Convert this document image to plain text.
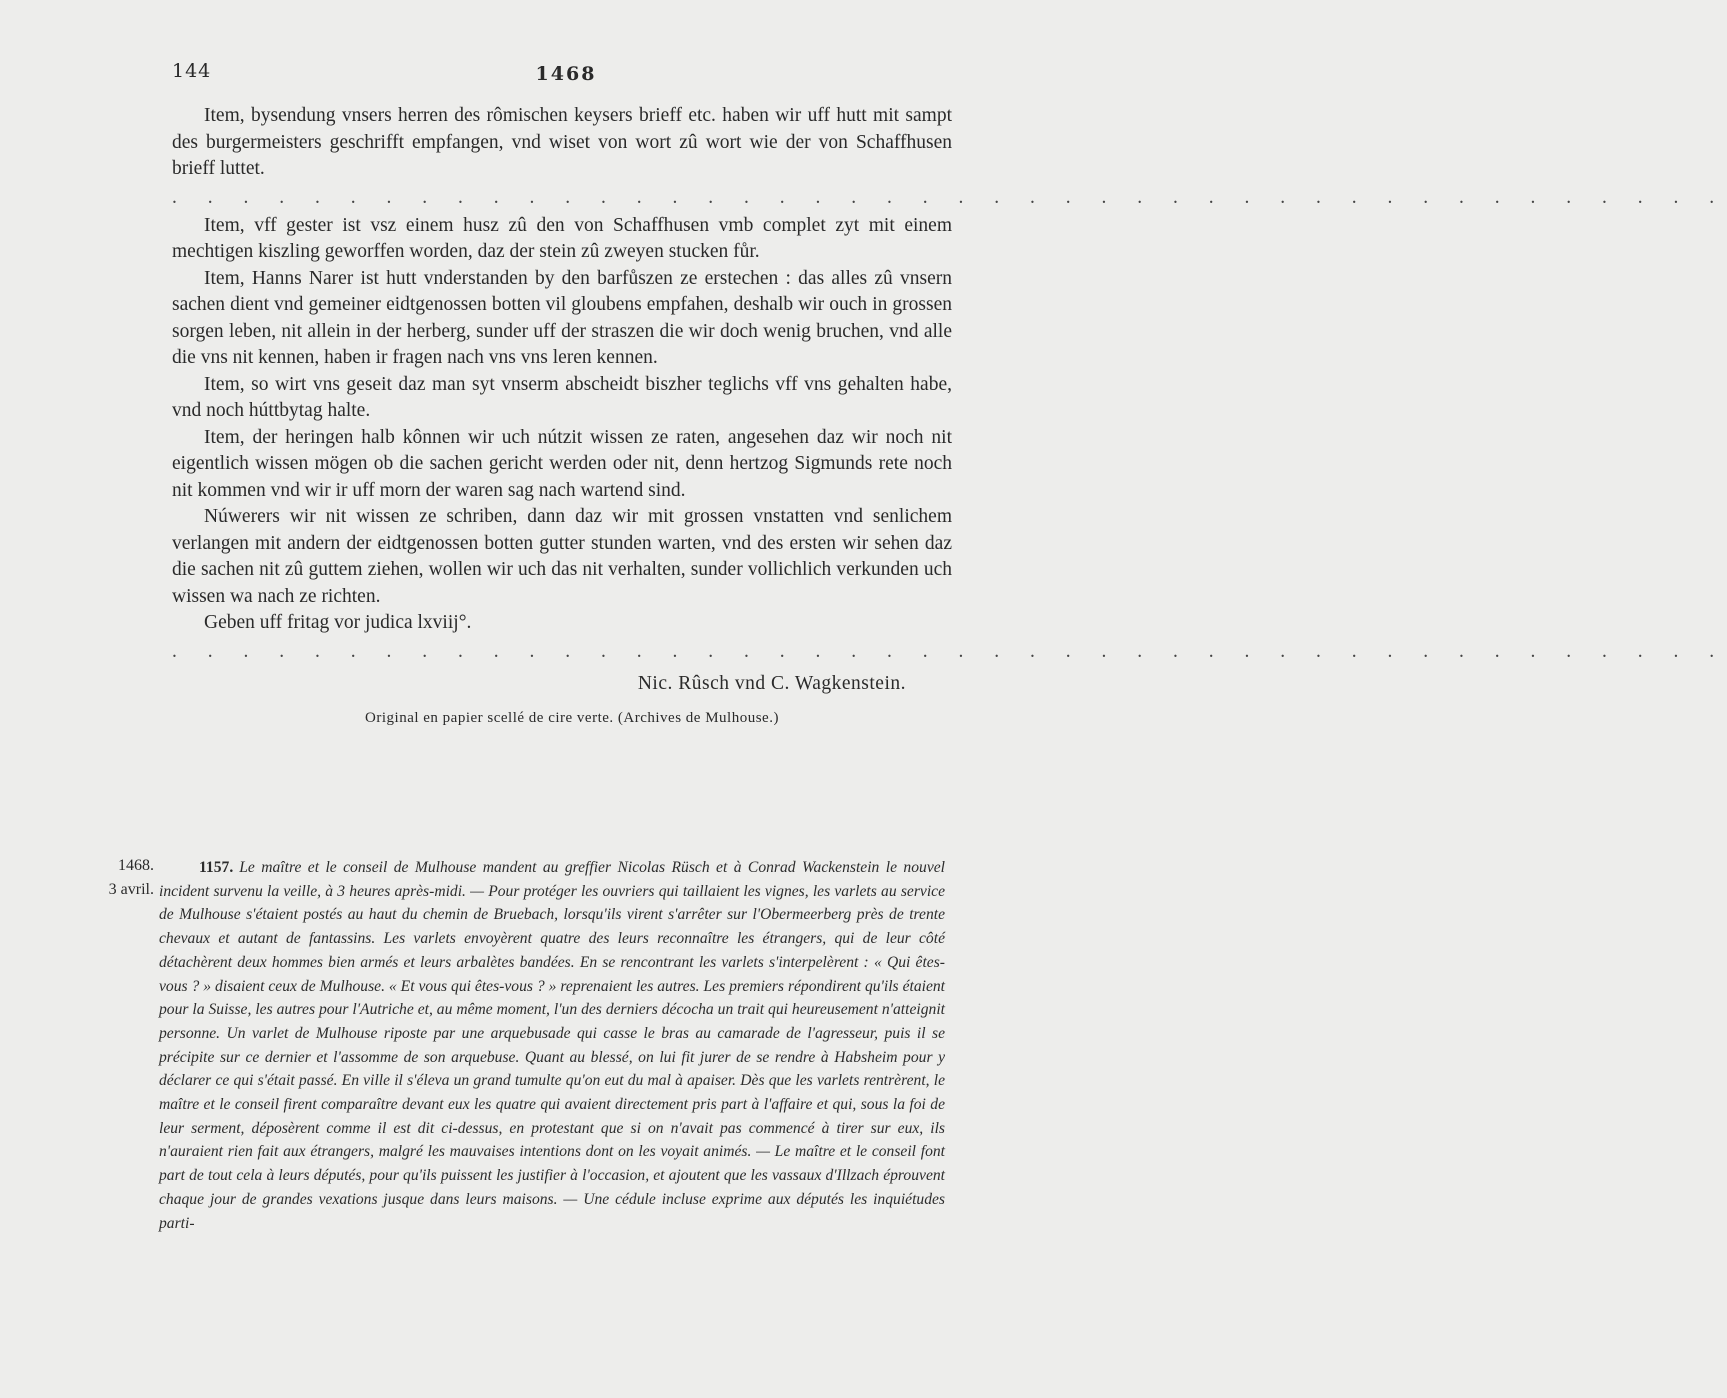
144	1468

Item, bysendung vnsers herren des rômischen keysers brieff etc. haben wir uff hutt mit sampt des burgermeisters geschrifft empfangen, vnd wiset von wort zû wort wie der von Schaffhusen brieff luttet.

. . . . . . . . . . . . . . . . . . . . . . . . . . . . . . . . . . . . . . . . . . . .

Item, vff gester ist vsz einem husz zû den von Schaffhusen vmb complet zyt mit einem mechtigen kiszling geworffen worden, daz der stein zû zweyen stucken fůr.

Item, Hanns Narer ist hutt vnderstanden by den barfůszen ze erstechen : das alles zû vnsern sachen dient vnd gemeiner eidtgenossen botten vil gloubens empfahen, deshalb wir ouch in grossen sorgen leben, nit allein in der herberg, sunder uff der straszen die wir doch wenig bruchen, vnd alle die vns nit kennen, haben ir fragen nach vns vns leren kennen.

Item, so wirt vns geseit daz man syt vnserm abscheidt biszher teglichs vff vns gehalten habe, vnd noch húttbytag halte.

Item, der heringen halb kônnen wir uch nútzit wissen ze raten, angesehen daz wir noch nit eigentlich wissen mögen ob die sachen gericht werden oder nit, denn hertzog Sigmunds rete noch nit kommen vnd wir ir uff morn der waren sag nach wartend sind.

Núwerers wir nit wissen ze schriben, dann daz wir mit grossen vnstatten vnd senlichem verlangen mit andern der eidtgenossen botten gutter stunden warten, vnd des ersten wir sehen daz die sachen nit zû guttem ziehen, wollen wir uch das nit verhalten, sunder vollichlich verkunden uch wissen wa nach ze richten.

Geben uff fritag vor judica lxviij°.

. . . . . . . . . . . . . . . . . . . . . . . . . . . . . . . . . . . . . . . . . . . .
Nic. Rûsch vnd C. Wagkenstein.
Original en papier scellé de cire verte. (Archives de Mulhouse.)
1468.
3 avril.
1157. Le maître et le conseil de Mulhouse mandent au greffier Nicolas Rüsch et à Conrad Wackenstein le nouvel incident survenu la veille, à 3 heures après-midi. — Pour protéger les ouvriers qui taillaient les vignes, les varlets au service de Mulhouse s'étaient postés au haut du chemin de Bruebach, lorsqu'ils virent s'arrêter sur l'Obermeerberg près de trente chevaux et autant de fantassins. Les varlets envoyèrent quatre des leurs reconnaître les étrangers, qui de leur côté détachèrent deux hommes bien armés et leurs arbalètes bandées. En se rencontrant les varlets s'interpelèrent : « Qui êtes-vous ? » disaient ceux de Mulhouse. « Et vous qui êtes-vous ? » reprenaient les autres. Les premiers répondirent qu'ils étaient pour la Suisse, les autres pour l'Autriche et, au même moment, l'un des derniers décocha un trait qui heureusement n'atteignit personne. Un varlet de Mulhouse riposte par une arquebusade qui casse le bras au camarade de l'agresseur, puis il se précipite sur ce dernier et l'assomme de son arquebuse. Quant au blessé, on lui fit jurer de se rendre à Habsheim pour y déclarer ce qui s'était passé. En ville il s'éleva un grand tumulte qu'on eut du mal à apaiser. Dès que les varlets rentrèrent, le maître et le conseil firent comparaître devant eux les quatre qui avaient directement pris part à l'affaire et qui, sous la foi de leur serment, déposèrent comme il est dit ci-dessus, en protestant que si on n'avait pas commencé à tirer sur eux, ils n'auraient rien fait aux étrangers, malgré les mauvaises intentions dont on les voyait animés. — Le maître et le conseil font part de tout cela à leurs députés, pour qu'ils puissent les justifier à l'occasion, et ajoutent que les vassaux d'Illzach éprouvent chaque jour de grandes vexations jusque dans leurs maisons. — Une cédule incluse exprime aux députés les inquiétudes parti-
